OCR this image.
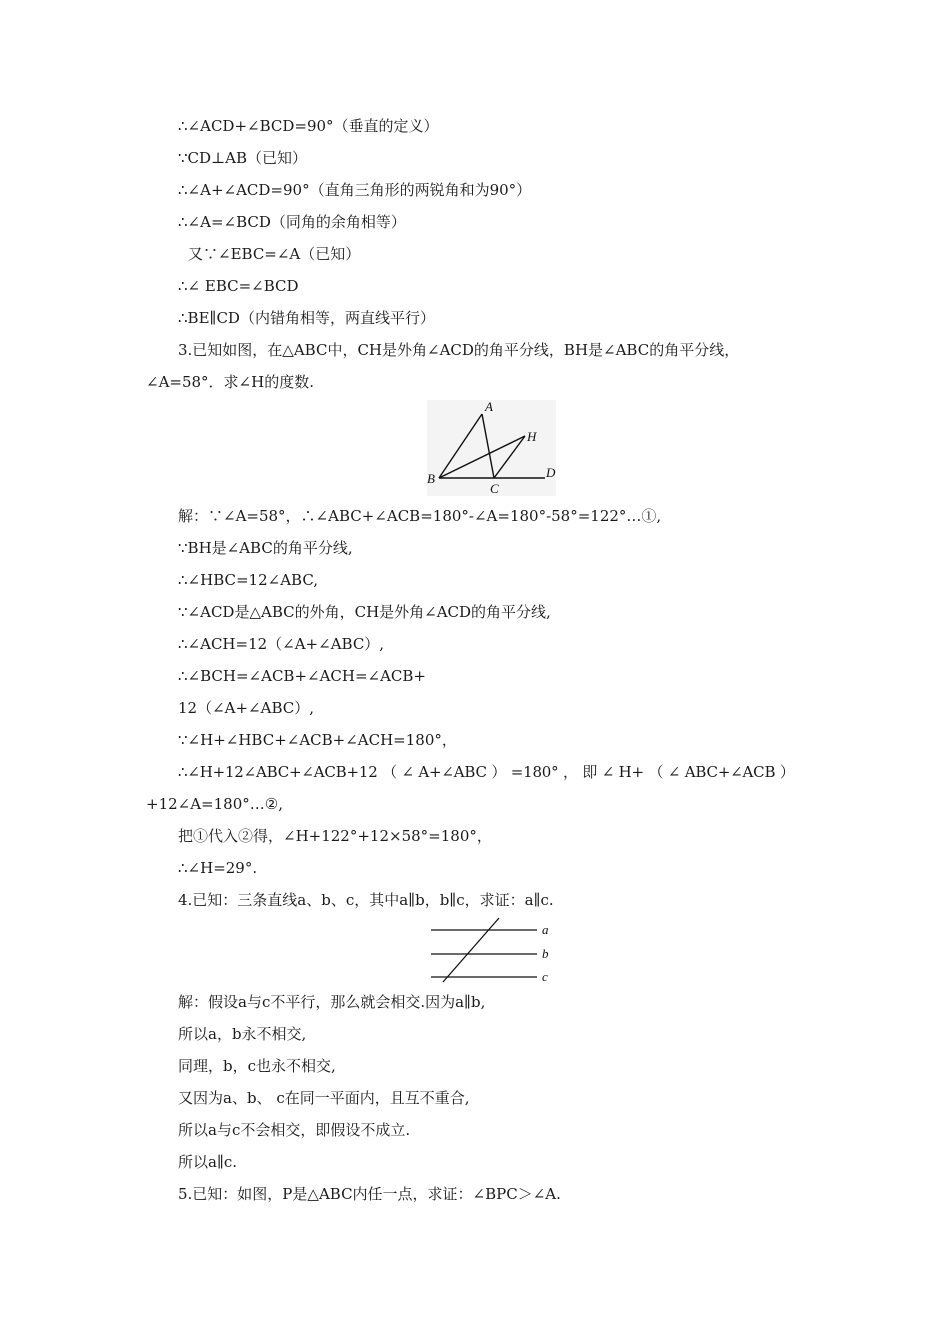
∴∠ACD+∠BCD=90°（垂直的定义）
∵CD⊥AB（已知）
∴∠A+∠ACD=90°（直角三角形的两锐角和为90°）
∴∠A=∠BCD（同角的余角相等）
又∵∠EBC=∠A（已知）
∴∠ EBC=∠BCD
∴BE∥CD（内错角相等，两直线平行）
3.已知如图，在△ABC中，CH是外角∠ACD的角平分线，BH是∠ABC的角平分线，
∠A=58°．求∠H的度数.
A
H
B
C
D
解：∵∠A=58°，∴∠ABC+∠ACB=180°-∠A=180°-58°=122°…①,
∵BH是∠ABC的角平分线,
∴∠HBC=12∠ABC,
∵∠ACD是△ABC的外角，CH是外角∠ACD的角平分线,
∴∠ACH=12（∠A+∠ABC）,
∴∠BCH=∠ACB+∠ACH=∠ACB+
12（∠A+∠ABC）,
∵∠H+∠HBC+∠ACB+∠ACH=180°，
∴∠H+12∠ABC+∠ACB+12 （ ∠ A+∠ABC ） =180° ， 即 ∠ H+ （ ∠ ABC+∠ACB ）
+12∠A=180°…②,
把①代入②得，∠H+122°+12×58°=180°，
∴∠H=29°.
4.已知：三条直线a、b、c，其中a∥b，b∥c，求证：a∥c.
a
b
c
解：假设a与c不平行，那么就会相交.因为a∥b,
所以a，b永不相交,
同理，b，c也永不相交,
又因为a、b、 c在同一平面内，且互不重合,
所以a与c不会相交，即假设不成立.
所以a∥c.
5.已知：如图，P是△ABC内任一点，求证：∠BPC＞∠A.
